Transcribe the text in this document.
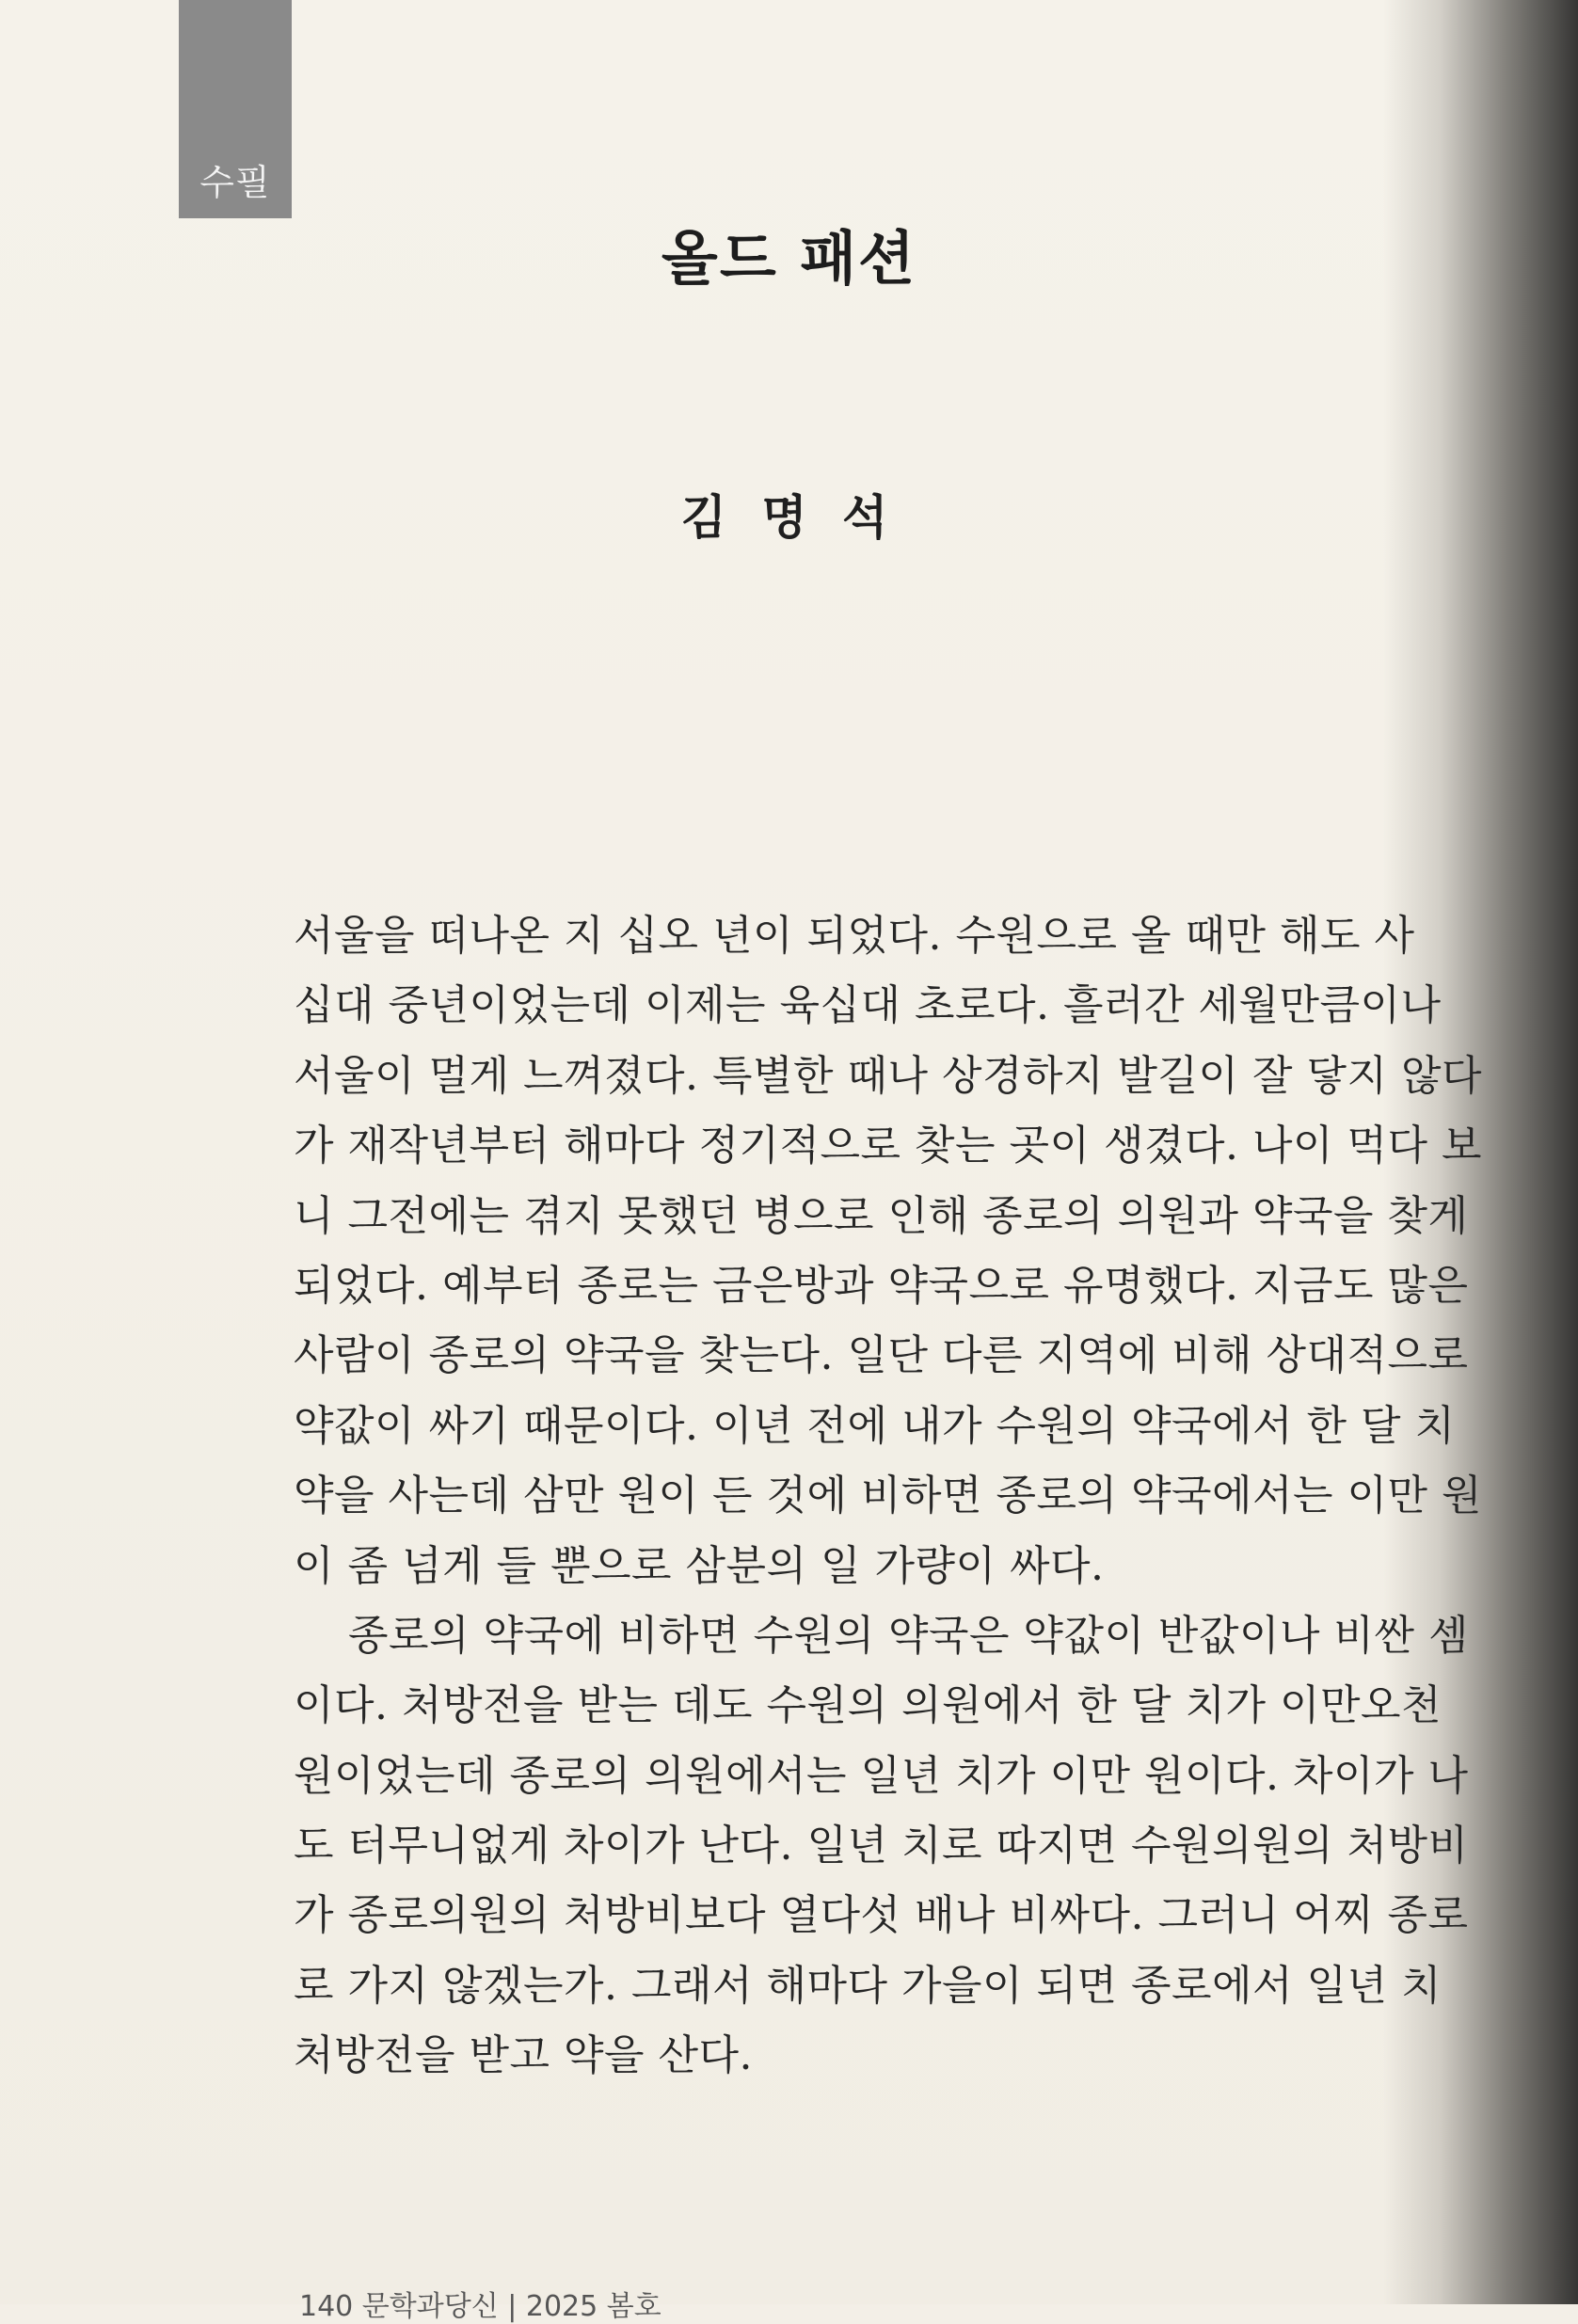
수필
올드 패션
김 명 석
서울을 떠나온 지 십오 년이 되었다. 수원으로 올 때만 해도 사
십대 중년이었는데 이제는 육십대 초로다. 흘러간 세월만큼이나
서울이 멀게 느껴졌다. 특별한 때나 상경하지 발길이 잘 닿지 않다
가 재작년부터 해마다 정기적으로 찾는 곳이 생겼다. 나이 먹다 보
니 그전에는 겪지 못했던 병으로 인해 종로의 의원과 약국을 찾게
되었다. 예부터 종로는 금은방과 약국으로 유명했다. 지금도 많은
사람이 종로의 약국을 찾는다. 일단 다른 지역에 비해 상대적으로
약값이 싸기 때문이다. 이년 전에 내가 수원의 약국에서 한 달 치
약을 사는데 삼만 원이 든 것에 비하면 종로의 약국에서는 이만 원
이 좀 넘게 들 뿐으로 삼분의 일 가량이 싸다.
종로의 약국에 비하면 수원의 약국은 약값이 반값이나 비싼 셈
이다. 처방전을 받는 데도 수원의 의원에서 한 달 치가 이만오천
원이었는데 종로의 의원에서는 일년 치가 이만 원이다. 차이가 나
도 터무니없게 차이가 난다. 일년 치로 따지면 수원의원의 처방비
가 종로의원의 처방비보다 열다섯 배나 비싸다. 그러니 어찌 종로
로 가지 않겠는가. 그래서 해마다 가을이 되면 종로에서 일년 치
처방전을 받고 약을 산다.
140 문학과당신 | 2025 봄호
